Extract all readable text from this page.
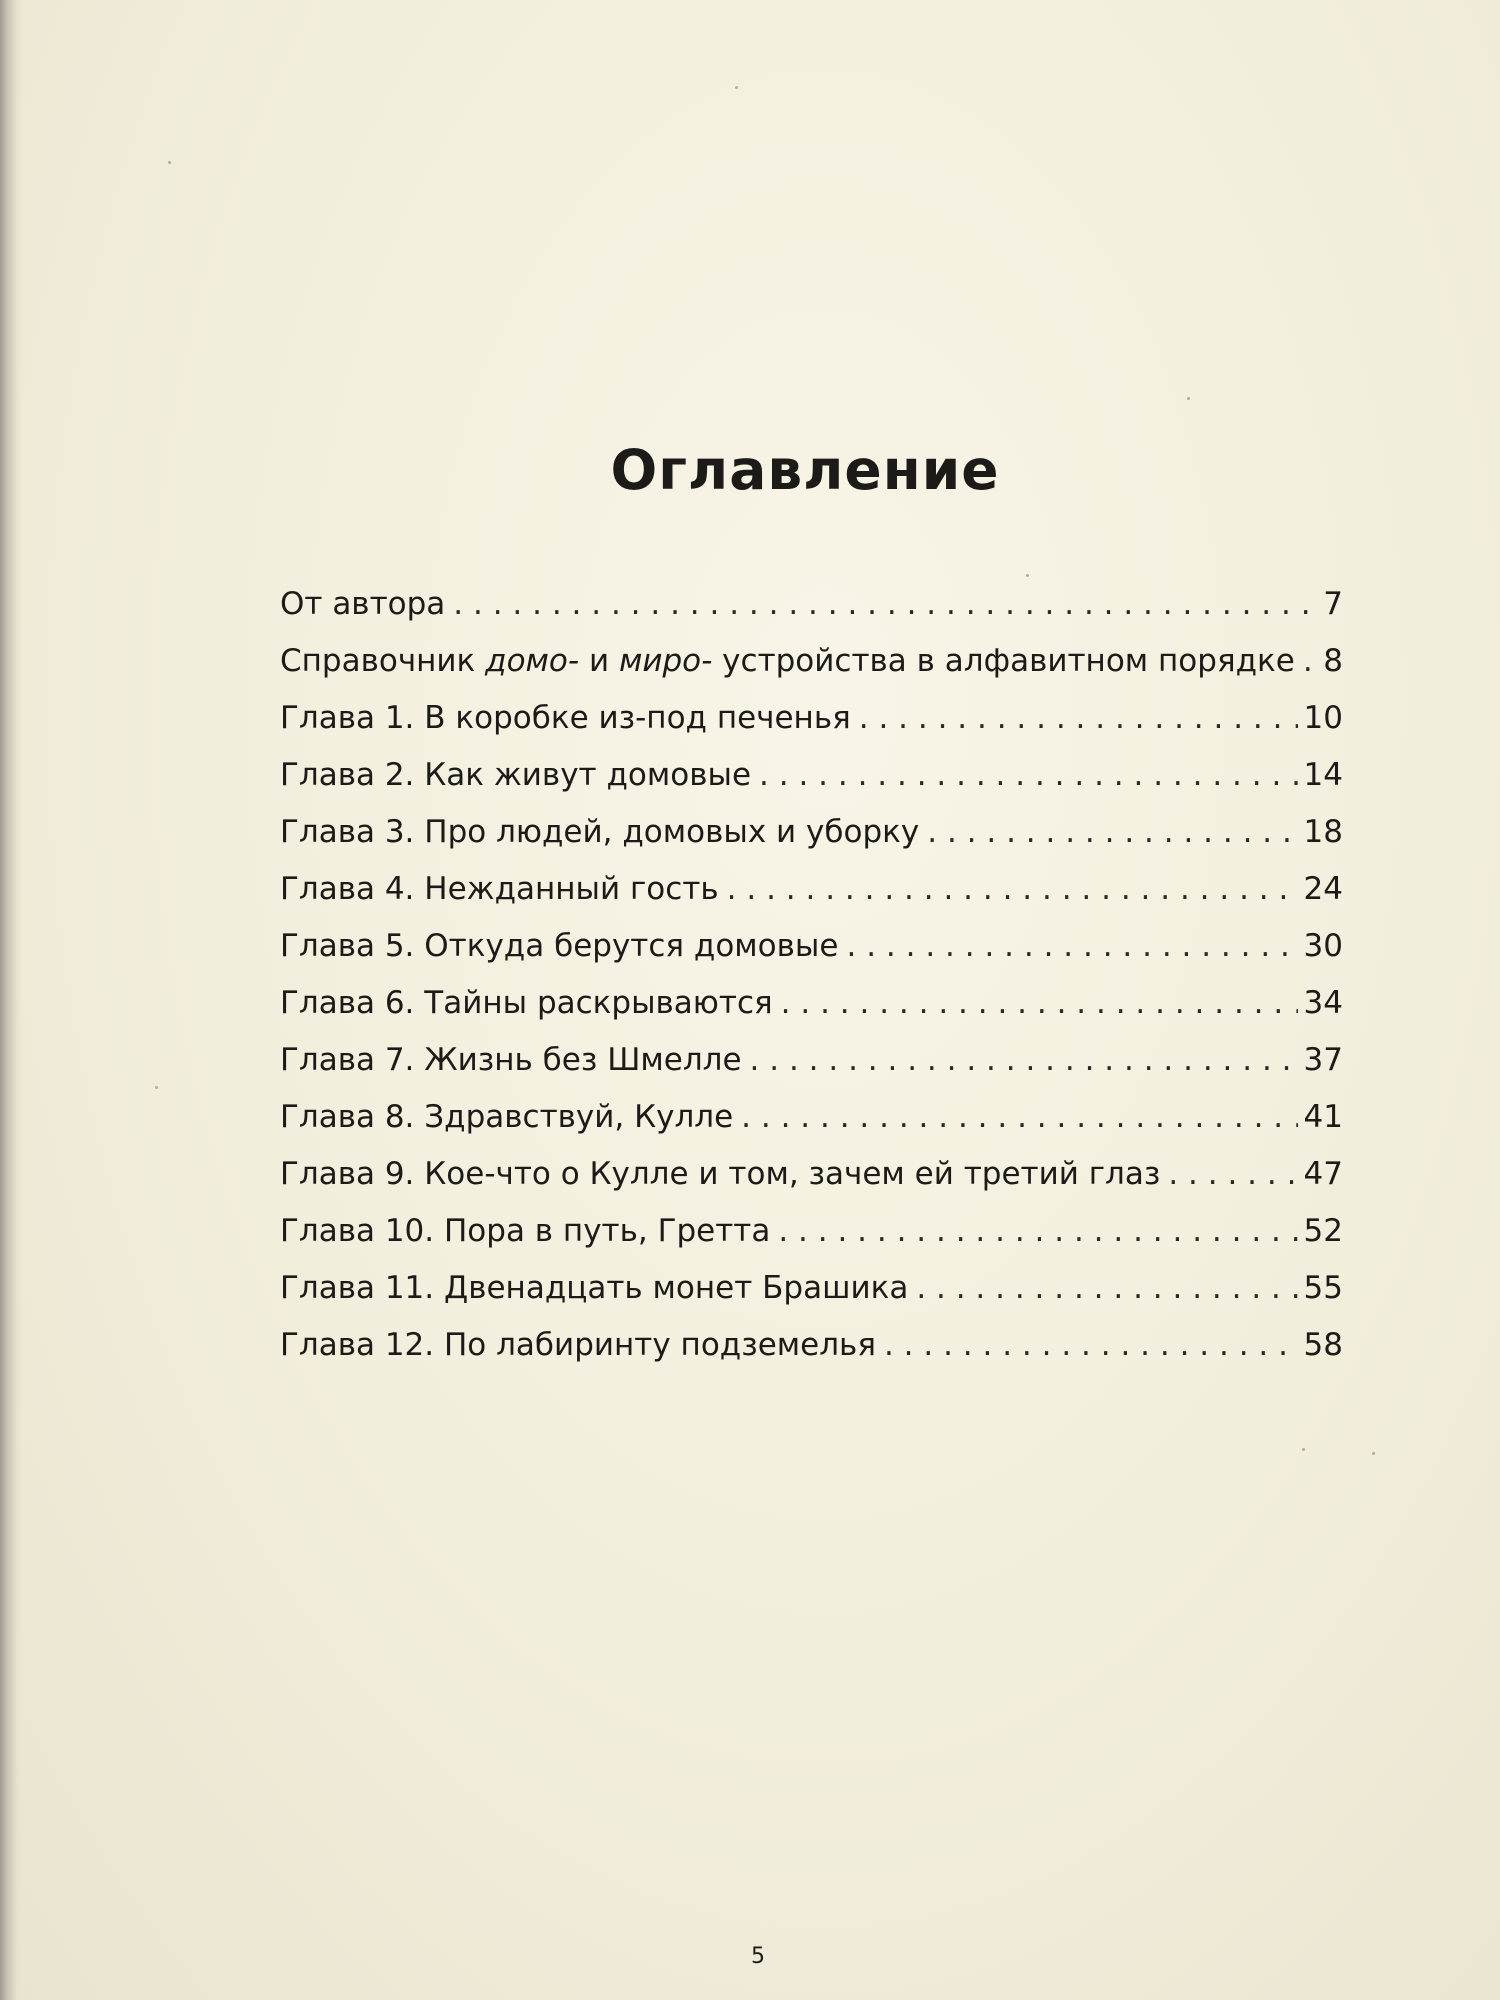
Оглавление
От автора . . .	7
Справочник домо- и миро- устройства в алфавитном порядке . . . 8
Глава 1. В коробке из-под печенья . . .	10
Глава 2. Как живут домовые . . .	14
Глава 3. Про людей, домовых и уборку . . .	18
Глава 4. Нежданный гость . . .	24
Глава 5. Откуда берутся домовые . . .	30
Глава 6. Тайны раскрываются . . .	34
Глава 7. Жизнь без Шмелле . . .	37
Глава 8. Здравствуй, Кулле . . .	41
Глава 9. Кое-что о Кулле и том, зачем ей третий глаз . . .	47
Глава 10. Пора в путь, Гретта . . .	52
Глава 11. Двенадцать монет Брашика . . .	55
Глава 12. По лабиринту подземелья . . .	58
5
